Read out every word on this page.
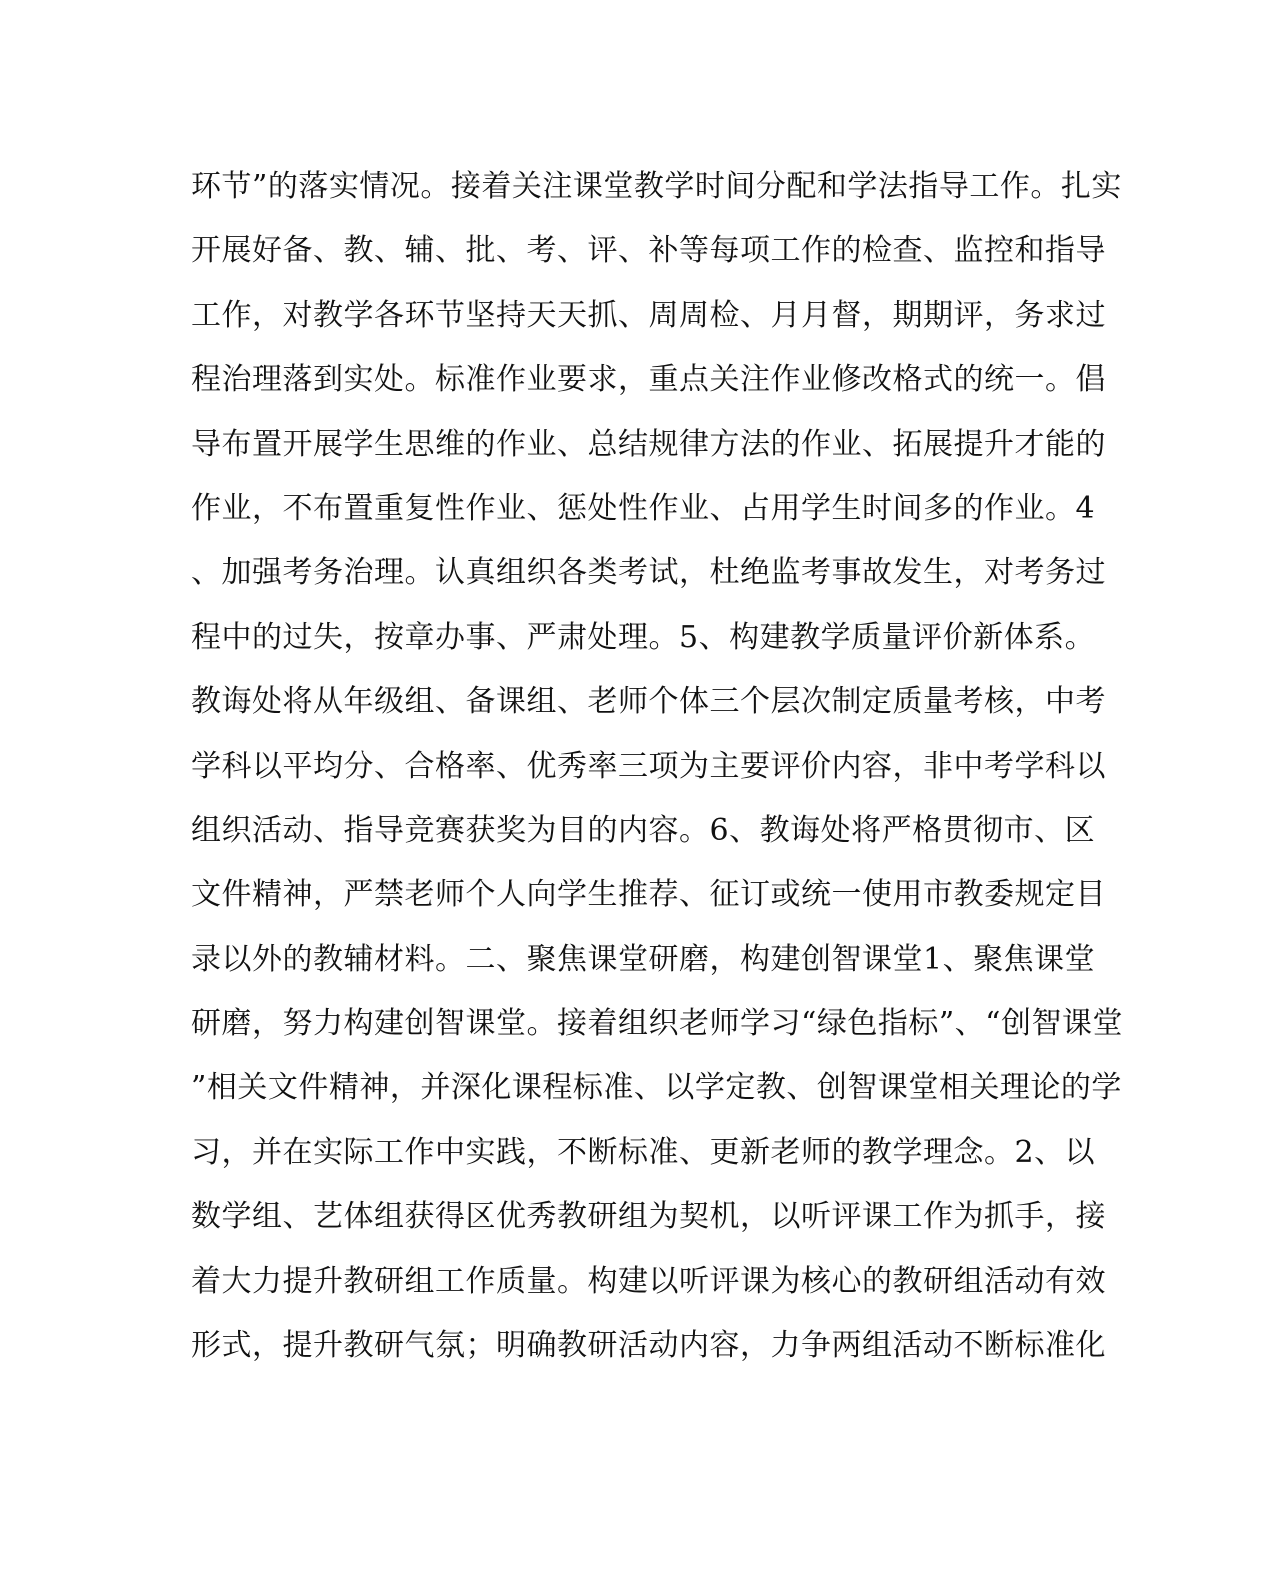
环节”的落实情况。接着关注课堂教学时间分配和学法指导工作。扎实
开展好备、教、辅、批、考、评、补等每项工作的检查、监控和指导
工作，对教学各环节坚持天天抓、周周检、月月督，期期评，务求过
程治理落到实处。标准作业要求，重点关注作业修改格式的统一。倡
导布置开展学生思维的作业、总结规律方法的作业、拓展提升才能的
作业，不布置重复性作业、惩处性作业、占用学生时间多的作业。4
、加强考务治理。认真组织各类考试，杜绝监考事故发生，对考务过
程中的过失，按章办事、严肃处理。5、构建教学质量评价新体系。
教诲处将从年级组、备课组、老师个体三个层次制定质量考核，中考
学科以平均分、合格率、优秀率三项为主要评价内容，非中考学科以
组织活动、指导竞赛获奖为目的内容。6、教诲处将严格贯彻市、区
文件精神，严禁老师个人向学生推荐、征订或统一使用市教委规定目
录以外的教辅材料。二、聚焦课堂研磨，构建创智课堂1、聚焦课堂
研磨，努力构建创智课堂。接着组织老师学习“绿色指标”、“创智课堂
”相关文件精神，并深化课程标准、以学定教、创智课堂相关理论的学
习，并在实际工作中实践，不断标准、更新老师的教学理念。2、以
数学组、艺体组获得区优秀教研组为契机，以听评课工作为抓手，接
着大力提升教研组工作质量。构建以听评课为核心的教研组活动有效
形式，提升教研气氛；明确教研活动内容，力争两组活动不断标准化
